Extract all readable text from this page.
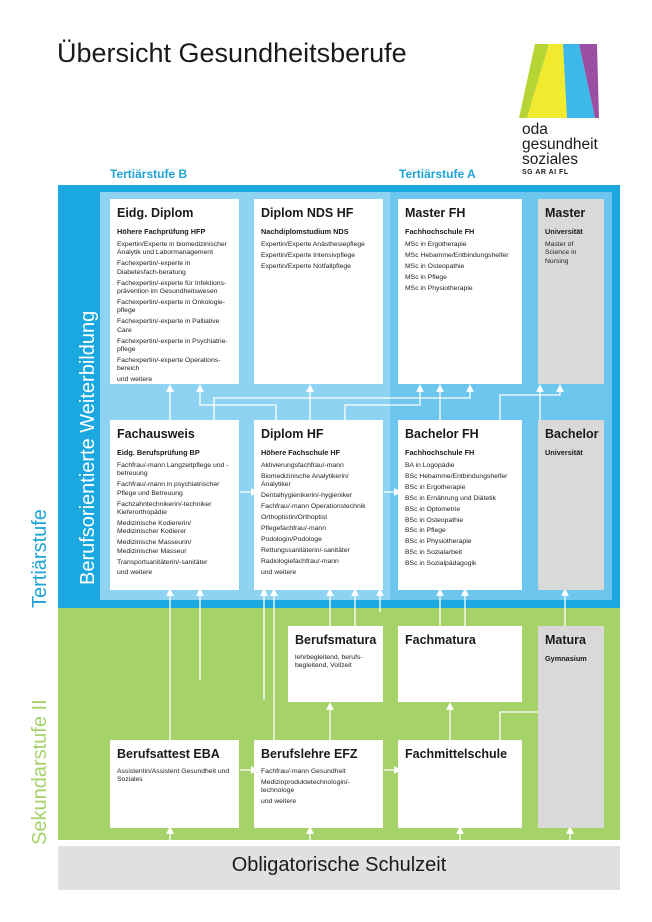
Übersicht Gesundheitsberufe
oda
gesundheit
soziales
SG AR AI FL
Tertiärstufe B	Tertiärstufe A
Berufsorientierte Weiterbildung
Tertiärstufe
Sekundarstufe II
Eidg. Diplom
Höhere Fachprüfung HFP
Expertin/Experte in biomedizinischer Analytik und Labormanagement
Fachexpertin/-experte in Diabetesfach-beratung
Fachexpertin/-experte für Infektions-prävention im Gesundheitswesen
Fachexpertin/-experte in Onkologie-pflege
Fachexpertin/-experte in Palliative Care
Fachexpertin/-experte in Psychiatrie-pflege
Fachexpertin/-experte Operations-bereich
und weitere
Diplom NDS HF
Nachdiplomstudium NDS
Expertin/Experte Anästhesiepflege
Expertin/Experte Intensivpflege
Expertin/Experte Notfallpflege
Master FH
Fachhochschule FH
MSc in Ergotherapie
MSc Hebamme/Entbindungshelfer
MSc in Osteopathie
MSc in Pflege
MSc in Physiotherapie
Master
Universität
Master of Science in Nursing
Fachausweis
Eidg. Berufsprüfung BP
Fachfrau/-mann Langzeitpflege und -betreuung
Fachfrau/-mann in psychiatrischer Pflege und Betreuung
Fachzahntechnikerin/-techniker Kieferorthopädie
Medizinische Kodiererin/ Medizinischer Kodierer
Medizinische Masseurin/ Medizinischer Masseur
Transportsanitäterin/-sanitäter
und weitere
Diplom HF
Höhere Fachschule HF
Aktivierungsfachfrau/-mann
Biomedizinische Analytikerin/ Analytiker
Dentalhygienikerin/-hygieniker
Fachfrau/-mann Operationstechnik
Orthoptistin/Orthoptist
Pflegefachfrau/-mann
Podologin/Podologe
Rettungssanitäterin/-sanitäter
Radiologiefachfrau/-mann
und weitere
Bachelor FH
Fachhochschule FH
BA in Logopädie
BSc Hebamme/Entbindungshelfer
BSc in Ergotherapie
BSc in Ernährung und Diätetik
BSc in Optometrie
BSc in Osteopathie
BSc in Pflege
BSc in Physiotherapie
BSc in Sozialarbeit
BSc in Sozialpädagogik
Bachelor
Universität
Berufsmatura
lehrbegleitend, berufs-begleitend, Vollzeit
Fachmatura	Matura
Gymnasium
Berufsattest EBA
Assistentin/Assistent Gesundheit und Soziales
Berufslehre EFZ
Fachfrau/-mann Gesundheit
Medizinproduktetechnologin/-technologe
und weitere
Fachmittelschule
Obligatorische Schulzeit
